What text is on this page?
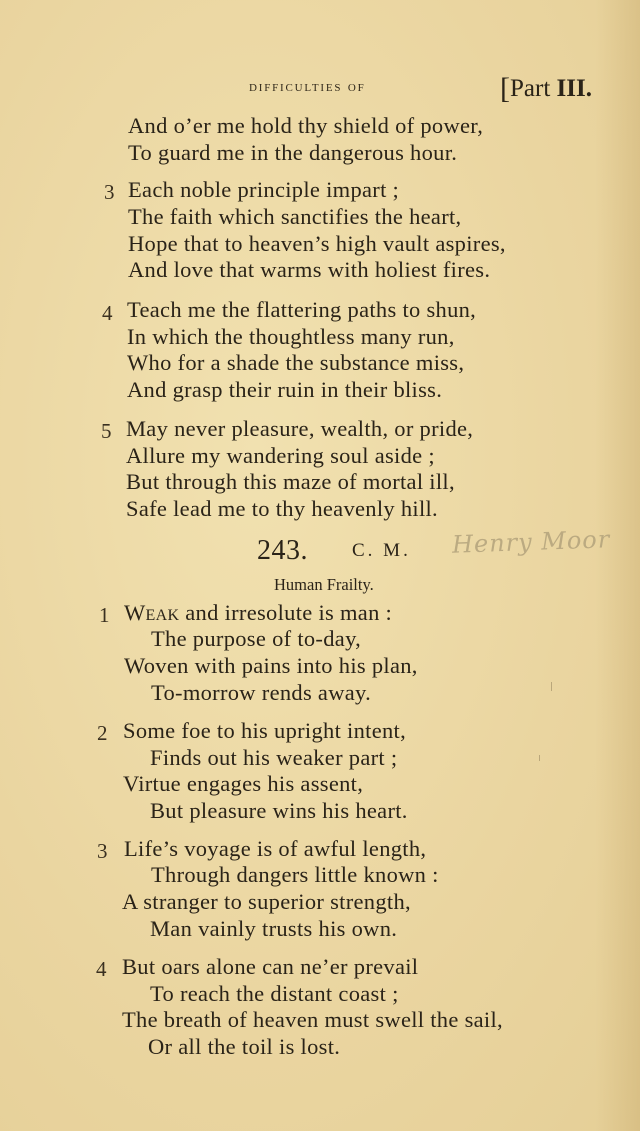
difficulties of	[Part III.
And o’er me hold thy shield of power,
To guard me in the dangerous hour.
3 Each noble principle impart ;
The faith which sanctifies the heart,
Hope that to heaven’s high vault aspires,
And love that warms with holiest fires.
4 Teach me the flattering paths to shun,
In which the thoughtless many run,
Who for a shade the substance miss,
And grasp their ruin in their bliss.
5 May never pleasure, wealth, or pride,
Allure my wandering soul aside ;
But through this maze of mortal ill,
Safe lead me to thy heavenly hill.
243. C. M. Henry Moor
Human Frailty.
1 Weak and irresolute is man :
The purpose of to-day,
Woven with pains into his plan,
To-morrow rends away.
2 Some foe to his upright intent,
Finds out his weaker part ;
Virtue engages his assent,
But pleasure wins his heart.
3 Life’s voyage is of awful length,
Through dangers little known :
A stranger to superior strength,
Man vainly trusts his own.
4 But oars alone can ne’er prevail
To reach the distant coast ;
The breath of heaven must swell the sail,
Or all the toil is lost.
